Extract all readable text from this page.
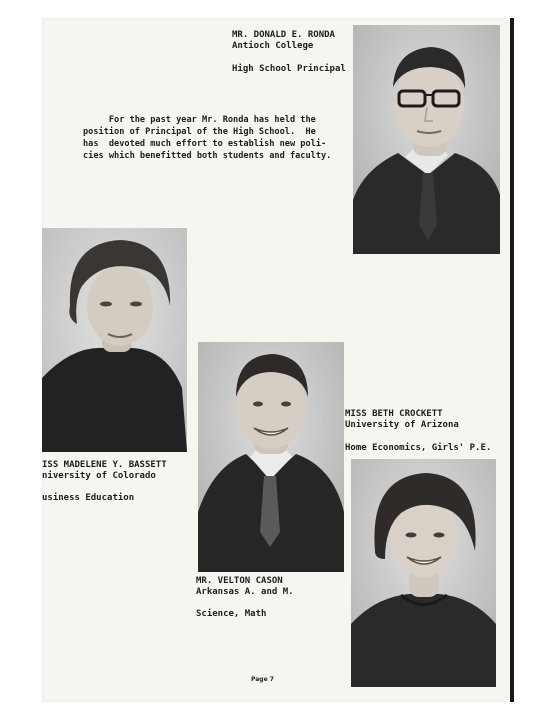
MR. DONALD E. RONDA
Antioch College
High School Principal
For the past year Mr. Ronda has held the
position of Principal of the High School.  He
has  devoted much effort to establish new poli-
cies which benefitted both students and faculty.
ISS MADELENE Y. BASSETT
niversity of Colorado
usiness Education
MR. VELTON CASON
Arkansas A. and M.
Science, Math
MISS BETH CROCKETT
University of Arizona
Home Economics, Girls' P.E.
Page 7
